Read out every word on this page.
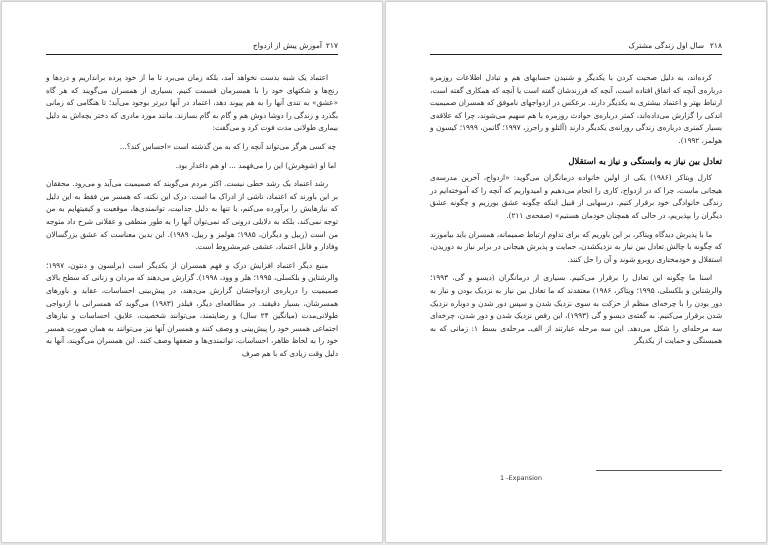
۲۱۷
آموزش پیش از ازدواج

اعتماد یک شبه بدست نخواهد آمد، بلکه زمان می‌برد تا ما از خود پرده برانداریم و دردها و رنج‌ها و شکتهای خود را با همسرمان قسمت کنیم. بسیاری از همسران می‌گویند که هر گاه «عشق» به تندی آنها را به هم پیوند دهد، اعتماد در آنها دیرتر بوجود می‌آید؛ تا هنگامی که زمانی بگذرد و زندگی را دوشا دوش هم و گام به گام بسازند. مانند مورد مادری که دختر بچه‌اش به دلیل بیماری طولانی مدت فوت کرد و می‌گفت:

چه کسی هرگز می‌تواند آنچه را که به من گذشته است «احساس کند؟...

اما او (شوهرش) این را می‌فهمد ... او هم داغدار بود.

رشد اعتماد یک رشد خطی نیست. اکثر مردم می‌گویند که صمیمیت می‌آید و می‌رود. محققان بر این باورند که اعتماد، ناشی از ادراک ما است. درک این نکته، که همسر من فقط به این دلیل که نیازهایش را برآورده می‌کنم، با تنها به دلیل جذابیت، توانمندی‌ها، موقعیت و کیفیتهایم به من توجه نمی‌کند، بلکه به دلایلی درونی که نمی‌توان آنها را به طور منطقی و عقلانی شرح داد متوجه من است (ربیل و دیگران، ۱۹۸۵؛ هولمز و ربیل، ۱۹۸۹). این بدین معناست که عشق بزرگسالان وفادار و قابل اعتماد، عشقی غیرمشروط است.

منبع دیگر اعتماد افزایش درک و فهم همسران از یکدیگر است (برلسون و دنتون، ۱۹۹۷؛ والرشتاین و بلکسلی، ۱۹۹۵؛ هلر و وود، ۱۹۹۸). گزارش می‌دهند که مردان و زنانی که سطح بالای صمیمیت را درباره‌ی ازدواجشان گزارش می‌دهند، در پیش‌بینی احساسات، عقاید و باورهای همسرشان، بسیار دقیقند. در مطالعه‌ای دیگر، فیلدر (۱۹۸۳) می‌گوید که همسرانی با ازدواجی طولانی‌مدت (میانگین ۲۴ سال) و رضایتمند، می‌توانند شخصیت، علایق، احساسات و نیازهای اجتماعی همسر خود را پیش‌بینی و وصف کنند و همسران آنها نیز می‌توانند به همان صورت همسر خود را به لحاظ ظاهر، احساسات، توانمندی‌ها و ضعفها وصف کنند. این همسران می‌گویند، آنها به دلیل وقت زیادی که با هم صرف

۲۱۸
سال اول زندگی مشترک

کرده‌اند، به دلیل صحبت کردن با یکدیگر و شنیدن حسابهای هم و تبادل اطلاعات روزمره درباره‌ی آنچه که اتفاق افتاده است، آنچه که فرزندشان گفته است یا آنچه که همکاری گفته است، ارتباط بهتر و اعتماد بیشتری به یکدیگر دارند. برعکس در ازدواجهای ناموفق که همسران صمیمیت اندکی را گزارش می‌داده‌اند، کمتر درباره‌ی حوادث روزمره با هم سهیم می‌شوند، چرا که علاقه‌ی بسیار کمتری درباره‌ی زندگی روزانه‌ی یکدیگر دارند (آلتلو و راجرز، ۱۹۹۷؛ گاتمن، ۱۹۹۹؛ کیسون و هولمز، ۱۹۹۲).

تعادل بین نیاز به وابستگی و نیاز به استقلال

کارل ویتاکر (۱۹۸۶) یکی از اولین خانواده درمانگران می‌گوید: «ازدواج، آخرین مدرسه‌ی هیجانی ماست، چرا که در ازدواج، کاری را انجام می‌دهیم و امیدواریم که آنچه را که آموخته‌ایم در زندگی خانوادگی خود برقرار کنیم. درسهایی از قبیل اینکه چگونه عشق بورزیم و چگونه عشق دیگران را بپذیریم، در حالی که همچنان خودمان هستیم» (صفحه‌ی ۲۱۱).

ما با پذیرش دیدگاه ویتاکر، بر این باوریم که برای تداوم ارتباط صمیمانه، همسران باید بیاموزند که چگونه با چالش تعادل بین نیاز به نزدیکشدن، حمایت و پذیرش هیجانی در برابر نیاز به دوریدن، استقلال و خودمختاری روبرو شوند و آن را حل کنند.

اسنا ما چگونه این تعادل را برقرار می‌کنیم. بسیاری از درمانگران (دیسو و گی، ۱۹۹۳؛ والرشتاین و بلکسلی، ۱۹۹۵؛ ویتاکر، ۱۹۸۶) معتقدند که ما تعادل بین نیاز به نزدیک بودن و نیاز به دور بودن را با چرخه‌ای منظم از حرکت به سوی نزدیک شدن و سپس دور شدن و دوباره نزدیک شدن برقرار می‌کنیم. به گفته‌ی دیسو و گی (۱۹۹۳)، این رقص نزدیک شدن و دور شدن، چرخه‌ای سه مرحله‌ای را شکل می‌دهد. این سه مرحله عبارتند از الف‌ـ مرحله‌ی بسط ۱: زمانی که به همبستگی و حمایت از یکدیگر

1 -Expansion
